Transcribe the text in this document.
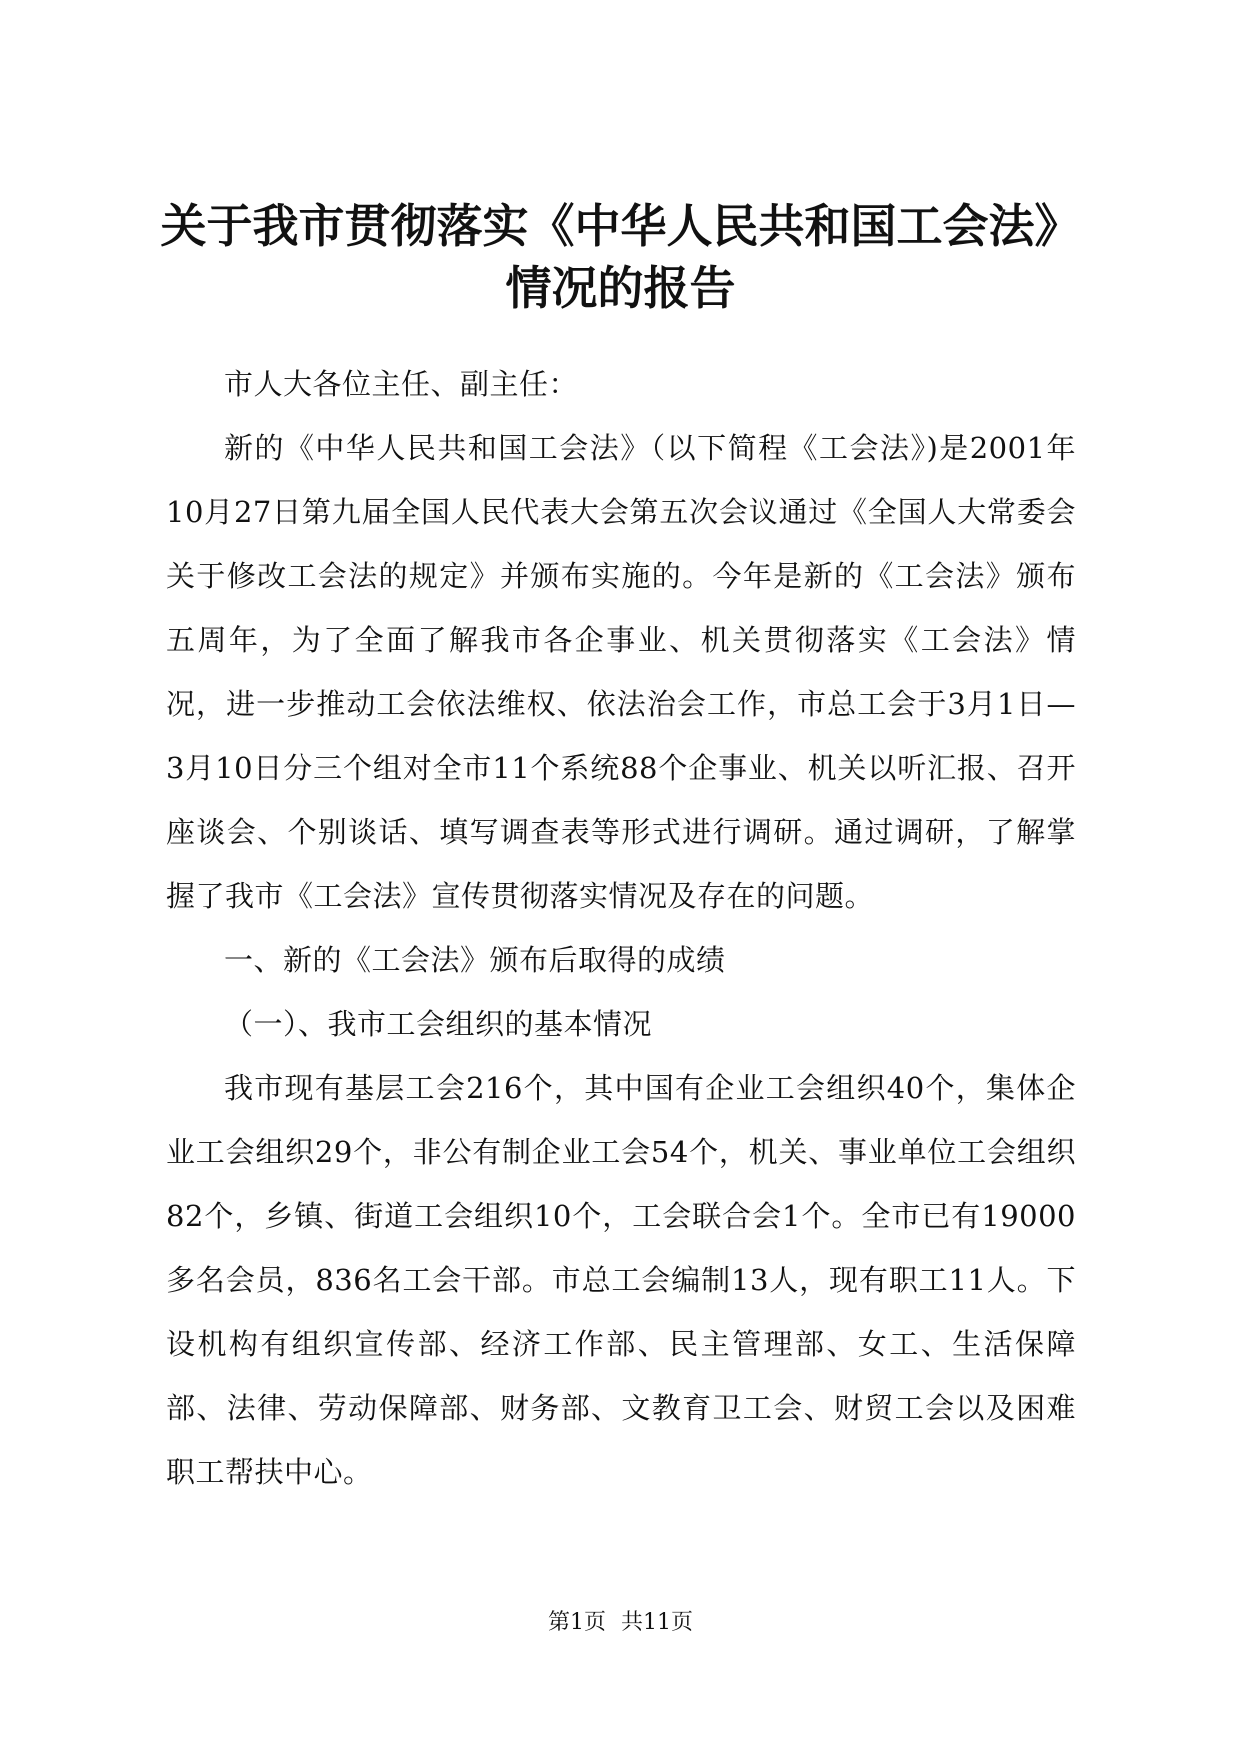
关于我市贯彻落实《中华人民共和国工会法》
情况的报告

市人大各位主任、副主任：

新的《中华人民共和国工会法》（以下简程《工会法》)是2001年10月27日第九届全国人民代表大会第五次会议通过《全国人大常委会关于修改工会法的规定》并颁布实施的。今年是新的《工会法》颁布五周年，为了全面了解我市各企事业、机关贯彻落实《工会法》情况，进一步推动工会依法维权、依法治会工作，市总工会于3月1日—3月10日分三个组对全市11个系统88个企事业、机关以听汇报、召开座谈会、个别谈话、填写调查表等形式进行调研。通过调研，了解掌握了我市《工会法》宣传贯彻落实情况及存在的问题。

一、新的《工会法》颁布后取得的成绩

（一）、我市工会组织的基本情况

我市现有基层工会216个，其中国有企业工会组织40个，集体企业工会组织29个，非公有制企业工会54个，机关、事业单位工会组织82个，乡镇、街道工会组织10个，工会联合会1个。全市已有19000多名会员，836名工会干部。市总工会编制13人，现有职工11人。下设机构有组织宣传部、经济工作部、民主管理部、女工、生活保障部、法律、劳动保障部、财务部、文教育卫工会、财贸工会以及困难职工帮扶中心。

第1页 共11页
